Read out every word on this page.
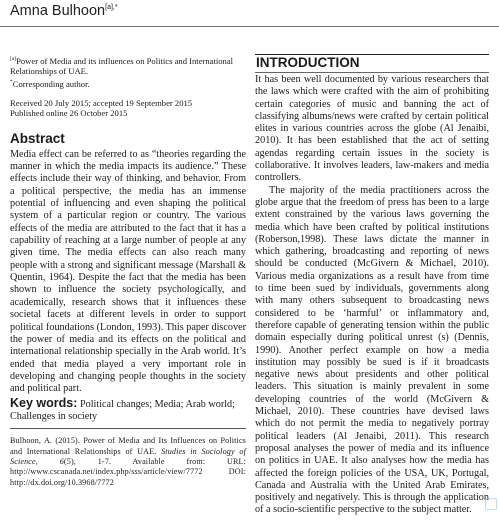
Amna Bulhoon$^{[a],*}$
[a]Power of Media and its influences on Politics and International Relationships of UAE.
*Corresponding author.
Received 20 July 2015; accepted 19 September 2015
Published online 26 October 2015
Abstract
Media effect can be referred to as “theories regarding the manner in which the media impacts its audience.” These effects include their way of thinking, and behavior. From a political perspective, the media has an immense potential of influencing and even shaping the political system of a particular region or country. The various effects of the media are attributed to the fact that it has a capability of reaching at a large number of people at any given time. The media effects can also reach many people with a strong and significant message (Marshall & Quentin, 1964). Despite the fact that the media has been shown to influence the society psychologically, and academically, research shows that it influences these societal facets at different levels in order to support political foundations (London, 1993). This paper discover the power of media and its effects on the political and international relationship specially in the Arab world. It’s ended that media played a very important role in developing and changing people thoughts in the society and political part.
Key words: Political changes; Media; Arab world; Challenges in society
Bulhoon, A. (2015). Power of Media and Its Influences on Politics and International Relationships of UAE. Studies in Sociology of Science, 6(5), 1-7. Available from: URL: http://www.cscanada.net/index.php/sss/article/view/7772 DOI: http://dx.doi.org/10.3968/7772
INTRODUCTION

It has been well documented by various researchers that the laws which were crafted with the aim of prohibiting certain categories of music and banning the act of classifying albums/news were crafted by certain political elites in various countries across the globe (Al Jenaibi, 2010). It has been established that the act of setting agendas regarding certain issues in the society is collaborative. It involves leaders, law-makers and media controllers.

The majority of the media practitioners across the globe argue that the freedom of press has been to a large extent constrained by the various laws governing the media which have been crafted by political institutions (Roberson,1998). These laws dictate the manner in which gathering, broadcasting and reporting of news should be conducted (McGivern & Michael, 2010). Various media organizations as a result have from time to time been sued by individuals, governments along with many others subsequent to broadcasting news considered to be ‘harmful’ or inflammatory and, therefore capable of generating tension within the public domain especially during political unrest (s) (Dennis, 1990). Another perfect example on how a media institution may possibly be sued is if it broadcasts negative news about presidents and other political leaders. This situation is mainly prevalent in some developing countries of the world (McGivern & Michael, 2010). These countries have devised laws which do not permit the media to negatively portray political leaders (Al Jenaibi, 2011). This research proposal analyses the power of media and its influence on politics in UAE. It also analyses how the media has affected the foreign policies of the USA, UK, Portugal, Canada and Australia with the United Arab Emirates, positively and negatively. This is through the application of a socio-scientific perspective to the subject matter.
